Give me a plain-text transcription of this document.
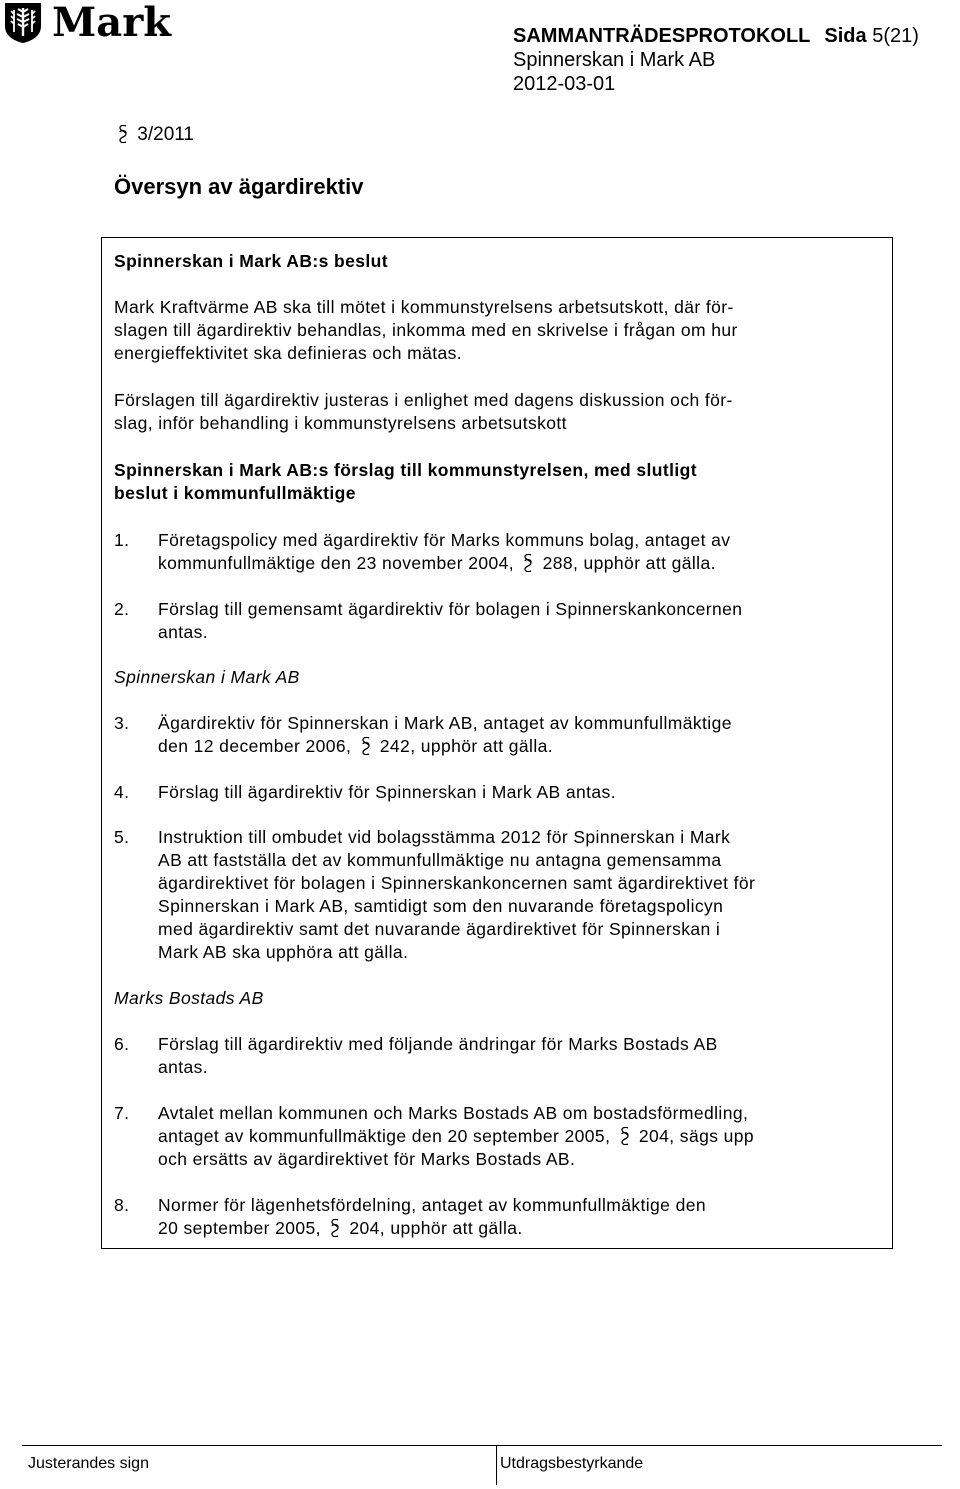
Mark	SAMMANTRÄDESPROTOKOLL Sida 5(21)
Spinnerskan i Mark AB
2012-03-01
3/2011
Översyn av ägardirektiv

Spinnerskan i Mark AB:s beslut

Mark Kraftvärme AB ska till mötet i kommunstyrelsens arbetsutskott, där för-
slagen till ägardirektiv behandlas, inkomma med en skrivelse i frågan om hur
energieffektivitet ska definieras och mätas.

Förslagen till ägardirektiv justeras i enlighet med dagens diskussion och för-
slag, inför behandling i kommunstyrelsens arbetsutskott

Spinnerskan i Mark AB:s förslag till kommunstyrelsen, med slutligt
beslut i kommunfullmäktige

1.	Företagspolicy med ägardirektiv för Marks kommuns bolag, antaget av
kommunfullmäktige den 23 november 2004, 288, upphör att gälla.
2.	Förslag till gemensamt ägardirektiv för bolagen i Spinnerskankoncernen
antas.

Spinnerskan i Mark AB

3.	Ägardirektiv för Spinnerskan i Mark AB, antaget av kommunfullmäktige
den 12 december 2006, 242, upphör att gälla.
4.	Förslag till ägardirektiv för Spinnerskan i Mark AB antas.
5.	Instruktion till ombudet vid bolagsstämma 2012 för Spinnerskan i Mark
AB att fastställa det av kommunfullmäktige nu antagna gemensamma
ägardirektivet för bolagen i Spinnerskankoncernen samt ägardirektivet för
Spinnerskan i Mark AB, samtidigt som den nuvarande företagspolicyn
med ägardirektiv samt det nuvarande ägardirektivet för Spinnerskan i
Mark AB ska upphöra att gälla.

Marks Bostads AB

6.	Förslag till ägardirektiv med följande ändringar för Marks Bostads AB
antas.
7.	Avtalet mellan kommunen och Marks Bostads AB om bostadsförmedling,
antaget av kommunfullmäktige den 20 september 2005, 204, sägs upp
och ersätts av ägardirektivet för Marks Bostads AB.
8.	Normer för lägenhetsfördelning, antaget av kommunfullmäktige den
20 september 2005, 204, upphör att gälla.
Justerandes sign	Utdragsbestyrkande
